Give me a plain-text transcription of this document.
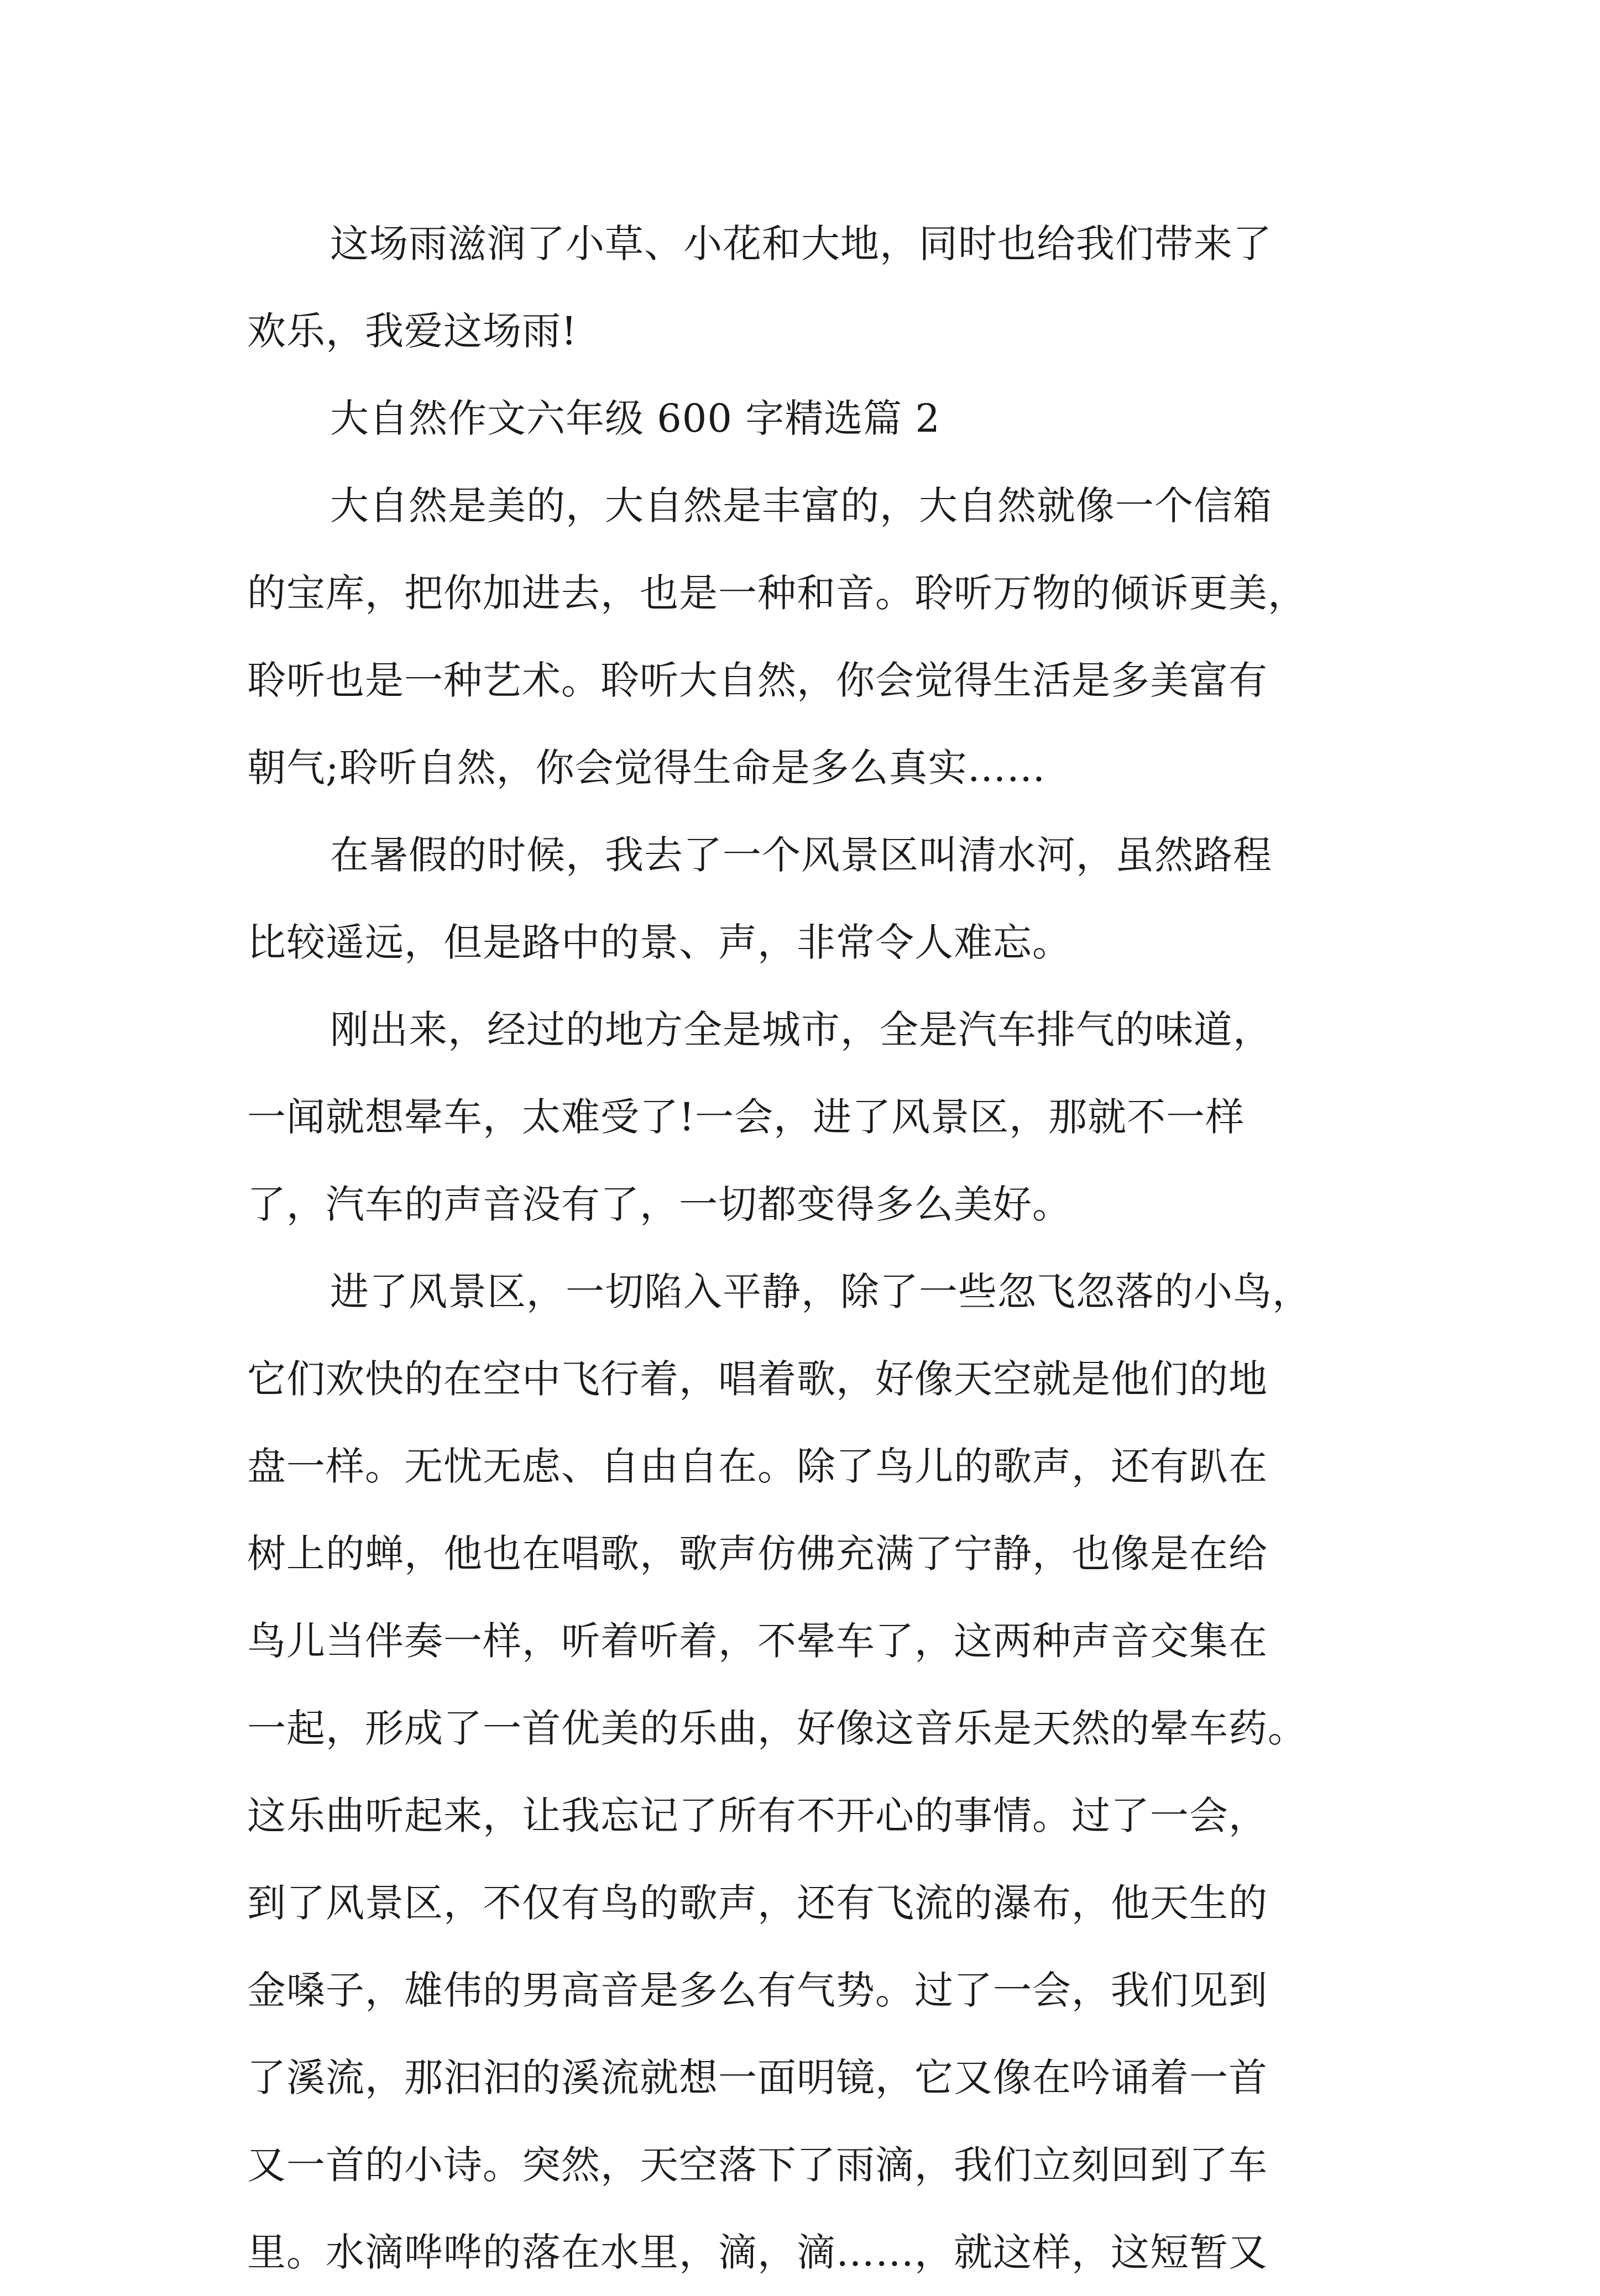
这场雨滋润了小草、小花和大地，同时也给我们带来了
欢乐，我爱这场雨!
大自然作文六年级 600 字精选篇 2
大自然是美的，大自然是丰富的，大自然就像一个信箱
的宝库，把你加进去，也是一种和音。聆听万物的倾诉更美，
聆听也是一种艺术。聆听大自然，你会觉得生活是多美富有
朝气;聆听自然，你会觉得生命是多么真实……
在暑假的时候，我去了一个风景区叫清水河，虽然路程
比较遥远，但是路中的景、声，非常令人难忘。
刚出来，经过的地方全是城市，全是汽车排气的味道，
一闻就想晕车，太难受了!一会，进了风景区，那就不一样
了，汽车的声音没有了，一切都变得多么美好。
进了风景区，一切陷入平静，除了一些忽飞忽落的小鸟，
它们欢快的在空中飞行着，唱着歌，好像天空就是他们的地
盘一样。无忧无虑、自由自在。除了鸟儿的歌声，还有趴在
树上的蝉，他也在唱歌，歌声仿佛充满了宁静，也像是在给
鸟儿当伴奏一样，听着听着，不晕车了，这两种声音交集在
一起，形成了一首优美的乐曲，好像这音乐是天然的晕车药。
这乐曲听起来，让我忘记了所有不开心的事情。过了一会，
到了风景区，不仅有鸟的歌声，还有飞流的瀑布，他天生的
金嗓子，雄伟的男高音是多么有气势。过了一会，我们见到
了溪流，那汩汩的溪流就想一面明镜，它又像在吟诵着一首
又一首的小诗。突然，天空落下了雨滴，我们立刻回到了车
里。水滴哗哗的落在水里，滴，滴……，就这样，这短暂又
